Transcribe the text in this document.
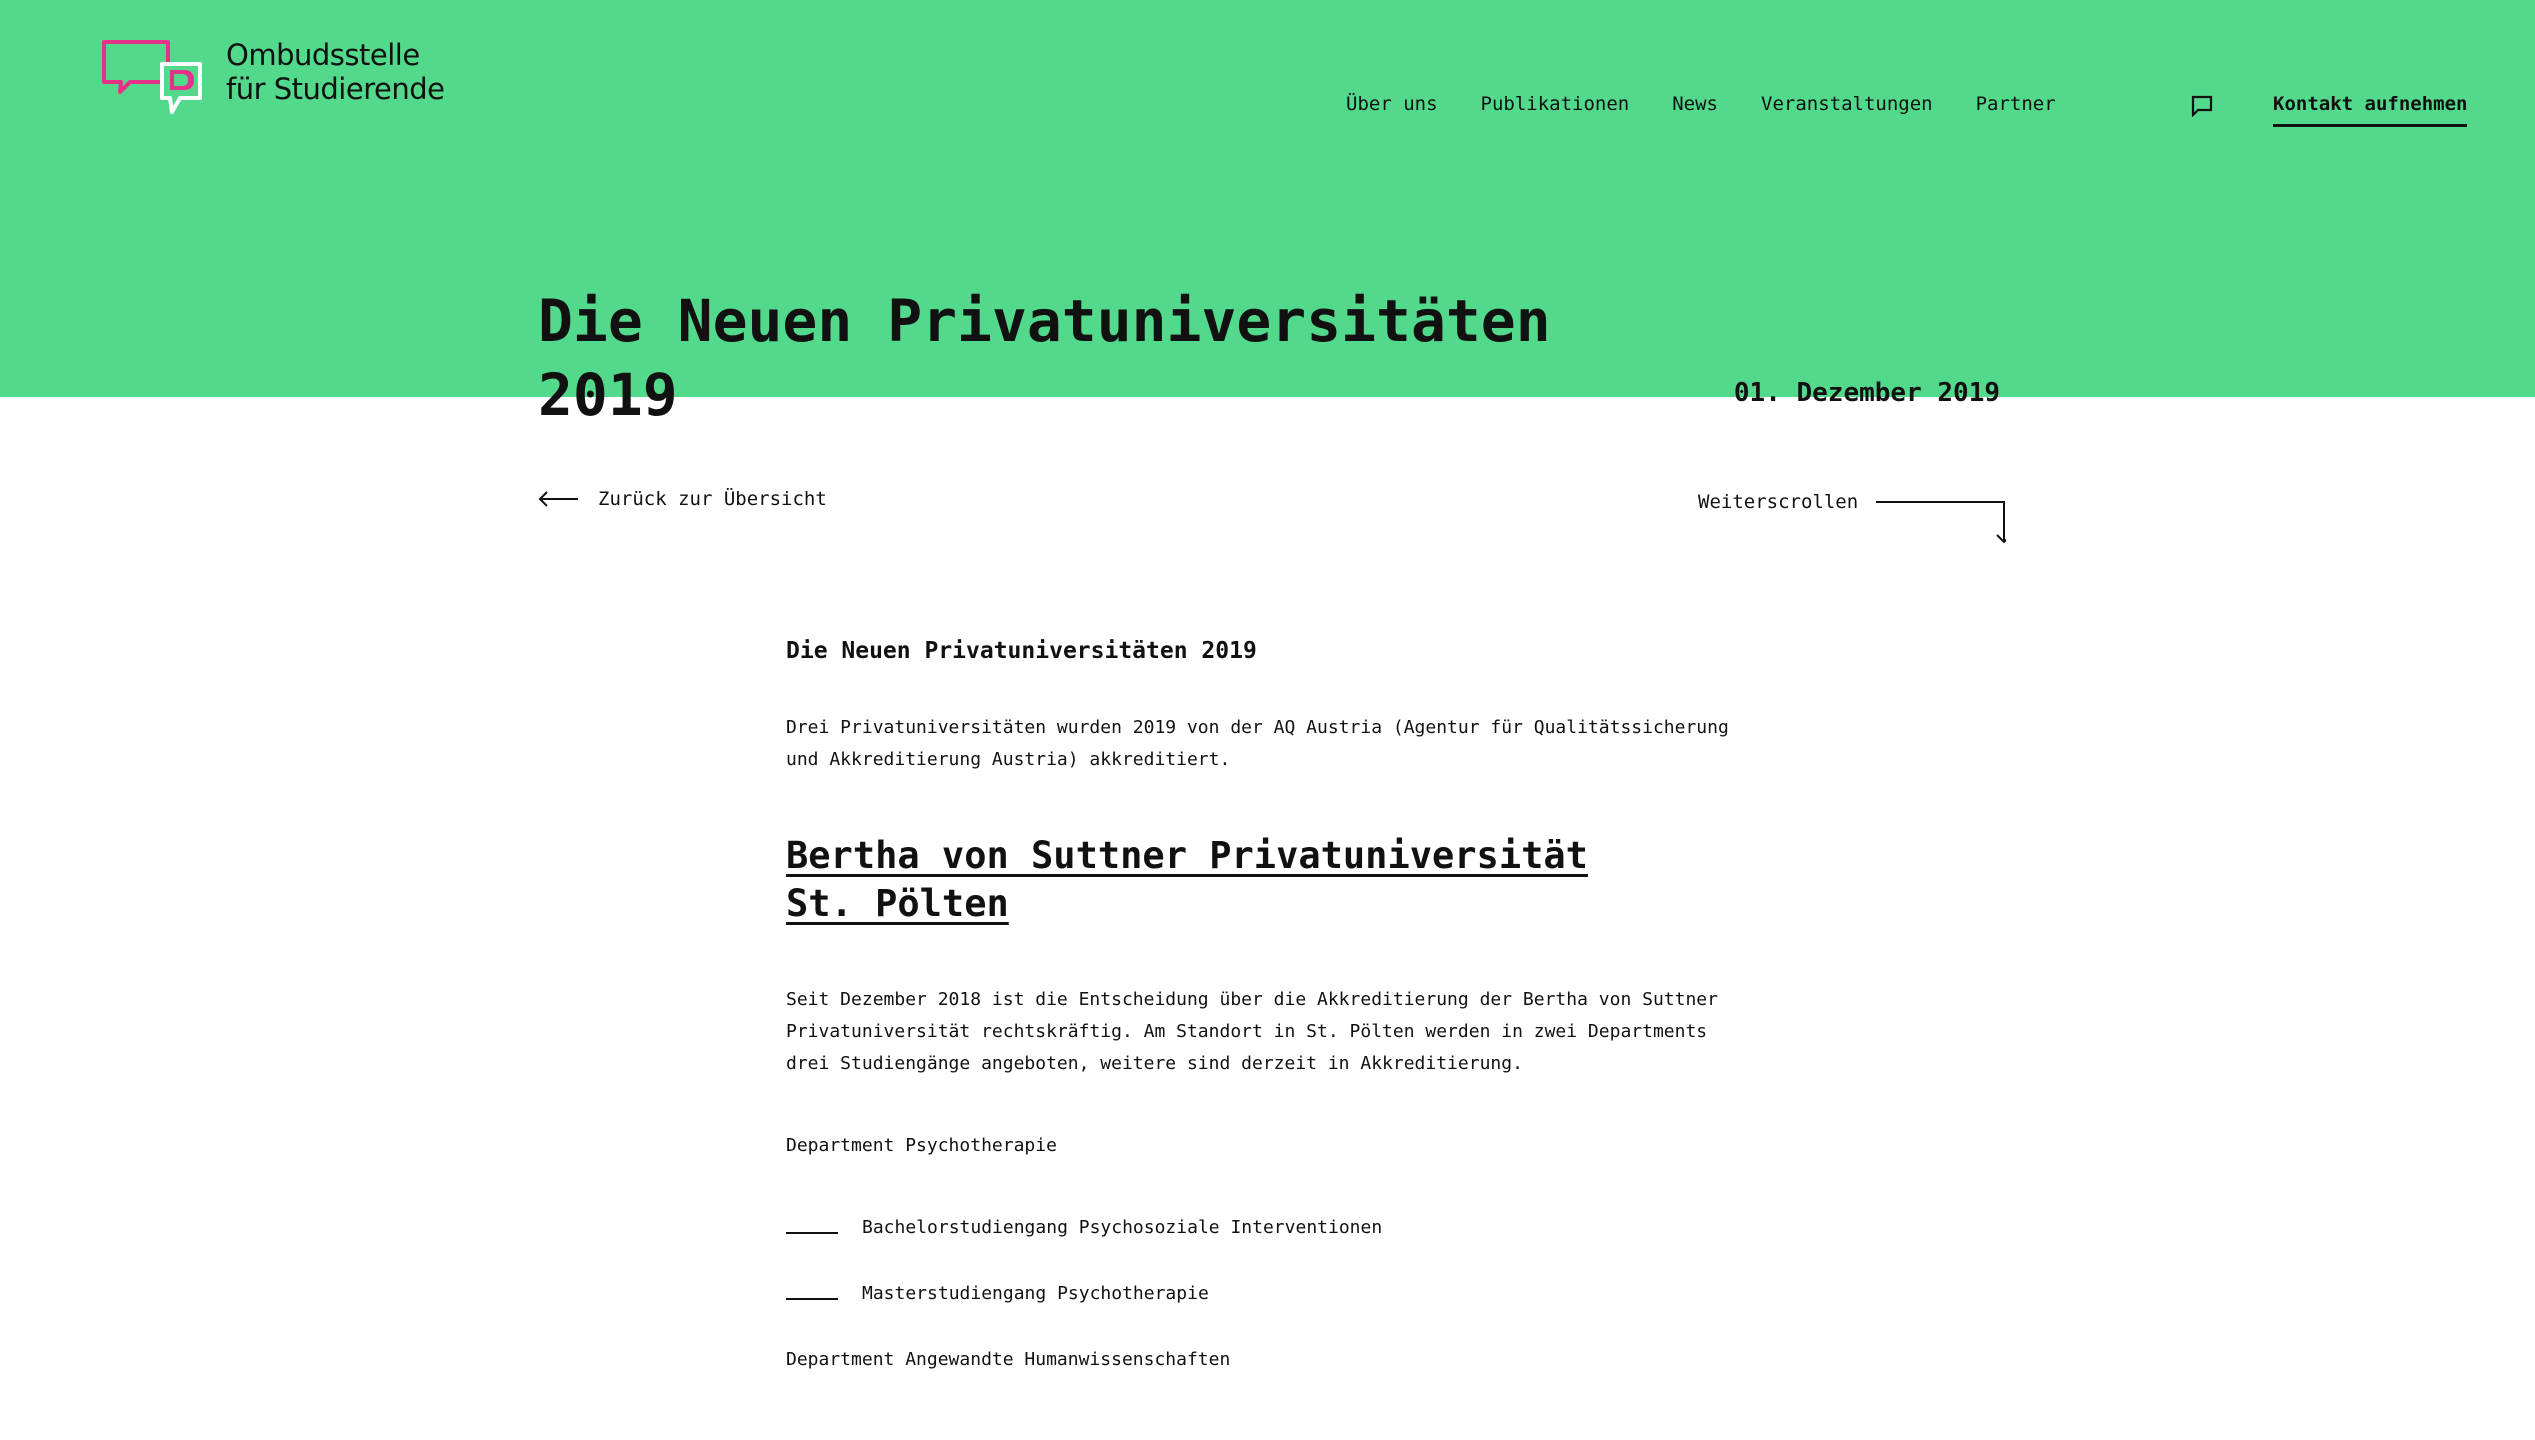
Ombudsstelle
für Studierende	Über uns Publikationen News Veranstaltungen Partner	Kontakt aufnehmen
Die Neuen Privatuniversitäten 2019	01. Dezember 2019
Zurück zur Übersicht	Weiterscrollen
Die Neuen Privatuniversitäten 2019

Drei Privatuniversitäten wurden 2019 von der AQ Austria (Agentur für Qualitätssicherung und Akkreditierung Austria) akkreditiert.

Bertha von Suttner Privatuniversität St. Pölten

Seit Dezember 2018 ist die Entscheidung über die Akkreditierung der Bertha von Suttner Privatuniversität rechtskräftig. Am Standort in St. Pölten werden in zwei Departments drei Studiengänge angeboten, weitere sind derzeit in Akkreditierung.

Department Psychotherapie

Bachelorstudiengang Psychosoziale Interventionen
Masterstudiengang Psychotherapie

Department Angewandte Humanwissenschaften
